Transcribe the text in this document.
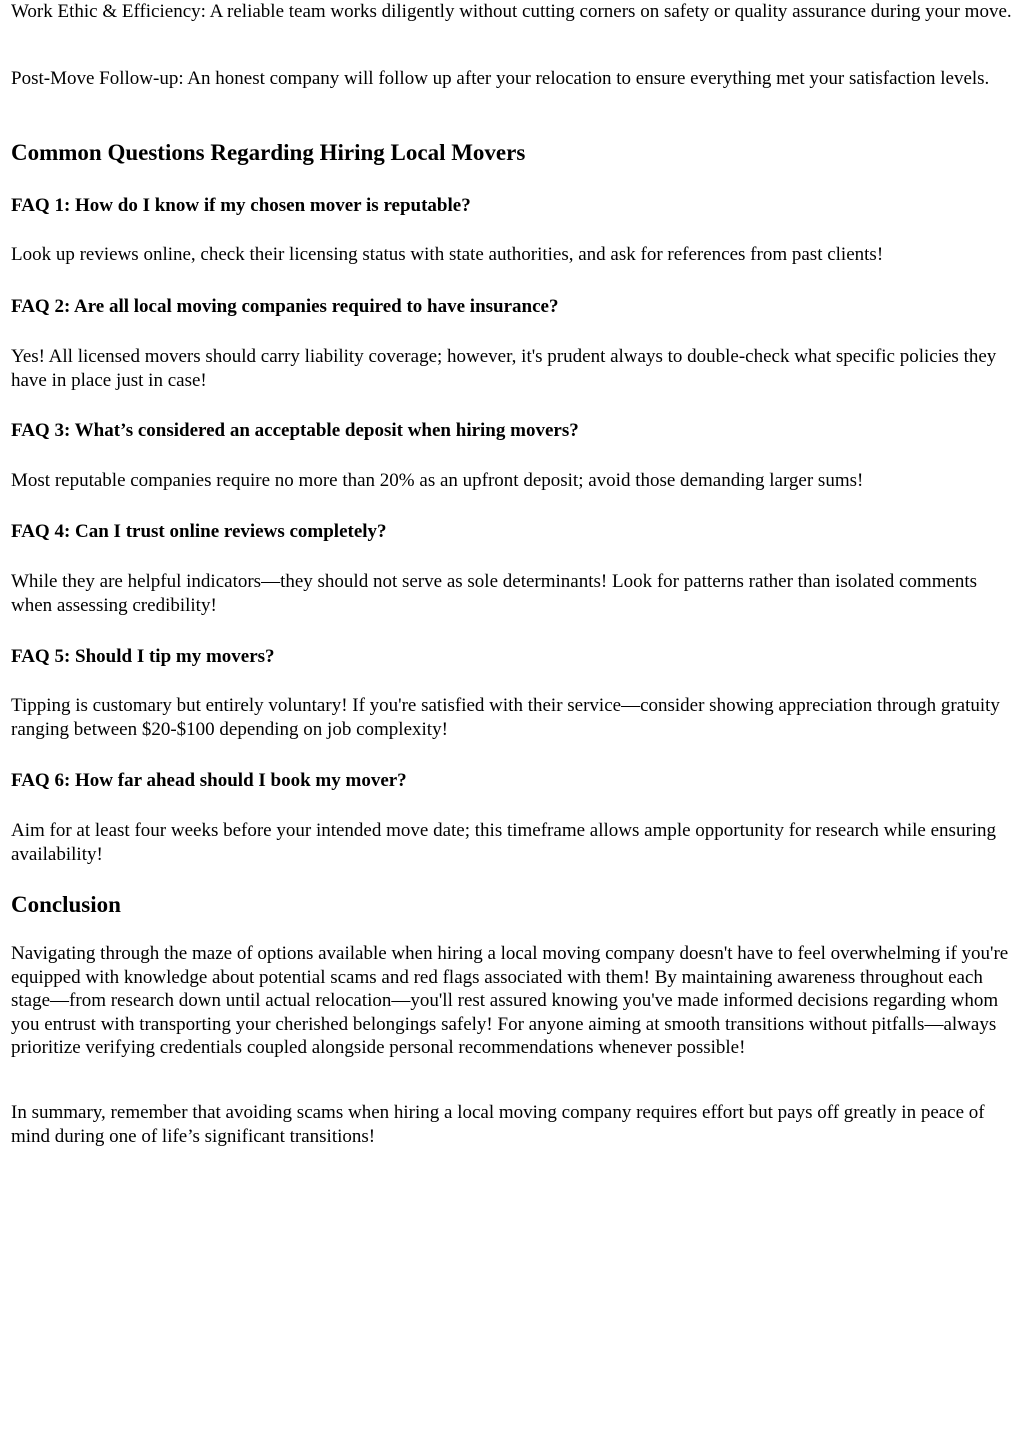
Work Ethic & Efficiency: A reliable team works diligently without cutting corners on safety or quality assurance during your move.

Post-Move Follow-up: An honest company will follow up after your relocation to ensure everything met your satisfaction levels.

Common Questions Regarding Hiring Local Movers
FAQ 1: How do I know if my chosen mover is reputable?

Look up reviews online, check their licensing status with state authorities, and ask for references from past clients!

FAQ 2: Are all local moving companies required to have insurance?

Yes! All licensed movers should carry liability coverage; however, it's prudent always to double-check what specific policies they have in place just in case!

FAQ 3: What’s considered an acceptable deposit when hiring movers?

Most reputable companies require no more than 20% as an upfront deposit; avoid those demanding larger sums!

FAQ 4: Can I trust online reviews completely?

While they are helpful indicators—they should not serve as sole determinants! Look for patterns rather than isolated comments when assessing credibility!

FAQ 5: Should I tip my movers?

Tipping is customary but entirely voluntary! If you're satisfied with their service—consider showing appreciation through gratuity ranging between $20-$100 depending on job complexity!

FAQ 6: How far ahead should I book my mover?

Aim for at least four weeks before your intended move date; this timeframe allows ample opportunity for research while ensuring availability!

Conclusion

Navigating through the maze of options available when hiring a local moving company doesn't have to feel overwhelming if you're equipped with knowledge about potential scams and red flags associated with them! By maintaining awareness throughout each stage—from research down until actual relocation—you'll rest assured knowing you've made informed decisions regarding whom you entrust with transporting your cherished belongings safely! For anyone aiming at smooth transitions without pitfalls—always prioritize verifying credentials coupled alongside personal recommendations whenever possible!

In summary, remember that avoiding scams when hiring a local moving company requires effort but pays off greatly in peace of mind during one of life’s significant transitions!
